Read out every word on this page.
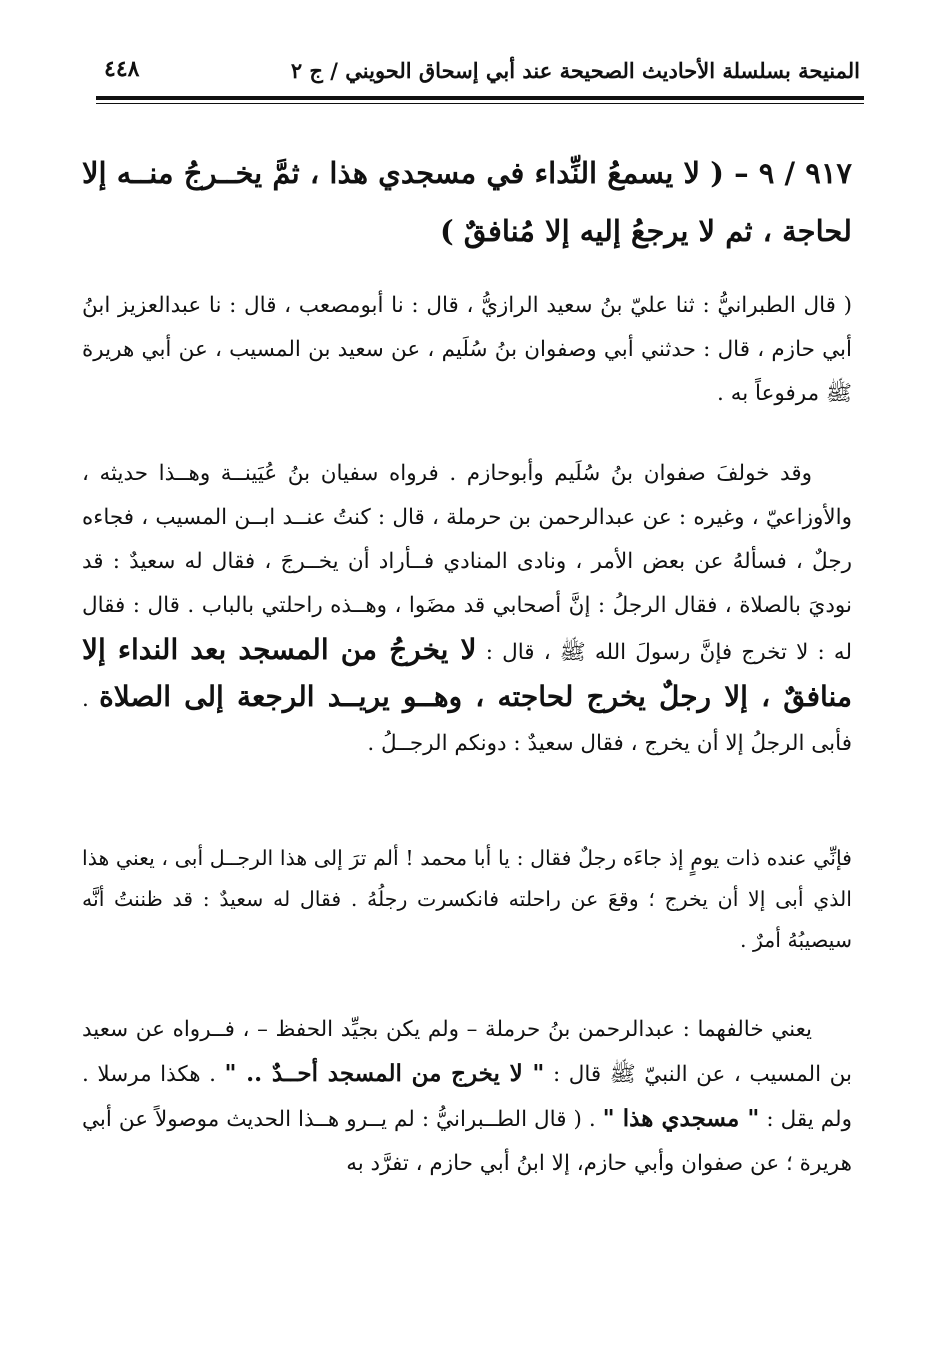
المنيحة بسلسلة الأحاديث الصحيحة عند أبي إسحاق الحويني / ج ٢
٤٤٨
٩١٧ / ٩ – ( لا يسمعُ النِّداء في مسجدي هذا ، ثمَّ يخــرجُ منــه إلا لحاجة ، ثم لا يرجعُ إليه إلا مُنافقٌ )
( قال الطبرانيُّ : ثنا عليّ بنُ سعيد الرازيُّ ، قال : نا أبومصعب ، قال : نا عبدالعزيز ابنُ أبي حازم ، قال : حدثني أبي وصفوان بنُ سُلَيم ، عن سعيد بن المسيب ، عن أبي هريرة ﷺ مرفوعاً به .
وقد خولفَ صفوان بنُ سُلَيم وأبوحازم . فرواه سفيان بنُ عُيَينــة وهــذا حديثه ، والأوزاعيّ ، وغيره : عن عبدالرحمن بن حرملة ، قال : كنتُ عنــد ابــن المسيب ، فجاءه رجلٌ ، فسألهُ عن بعض الأمر ، ونادى المنادي فــأراد أن يخــرجَ ، فقال له سعيدٌ : قد نوديَ بالصلاة ، فقال الرجلُ : إنَّ أصحابي قد مضَوا ، وهــذه راحلتي بالباب . قال : فقال له : لا تخرج فإنَّ رسولَ الله ﷺ ، قال : لا يخرجُ من المسجد بعد النداء إلا منافقٌ ، إلا رجلٌ يخرج لحاجته ، وهــو يريــد الرجعة إلى الصلاة . فأبى الرجلُ إلا أن يخرج ، فقال سعيدٌ : دونكم الرجــلُ .
فإنِّي عنده ذات يومٍ إذ جاءَه رجلٌ فقال : يا أبا محمد ! ألم ترَ إلى هذا الرجــل أبى ، يعني هذا الذي أبى إلا أن يخرج ؛ وقعَ عن راحلته فانكسرت رجلُهُ . فقال له سعيدٌ : قد ظننتُ أنَّه سيصيبُهُ أمرٌ .
يعني خالفهما : عبدالرحمن بنُ حرملة – ولم يكن بجيِّد الحفظ – ، فــرواه عن سعيد بن المسيب ، عن النبيّ ﷺ قال : " لا يخرج من المسجد أحــدٌ .. " . هكذا مرسلا . ولم يقل : " مسجدي هذا " . ( قال الطــبرانيُّ : لم يــرو هــذا الحديث موصولاً عن أبي هريرة ؛ عن صفوان وأبي حازم، إلا ابنُ أبي حازم ، تفرَّد به
